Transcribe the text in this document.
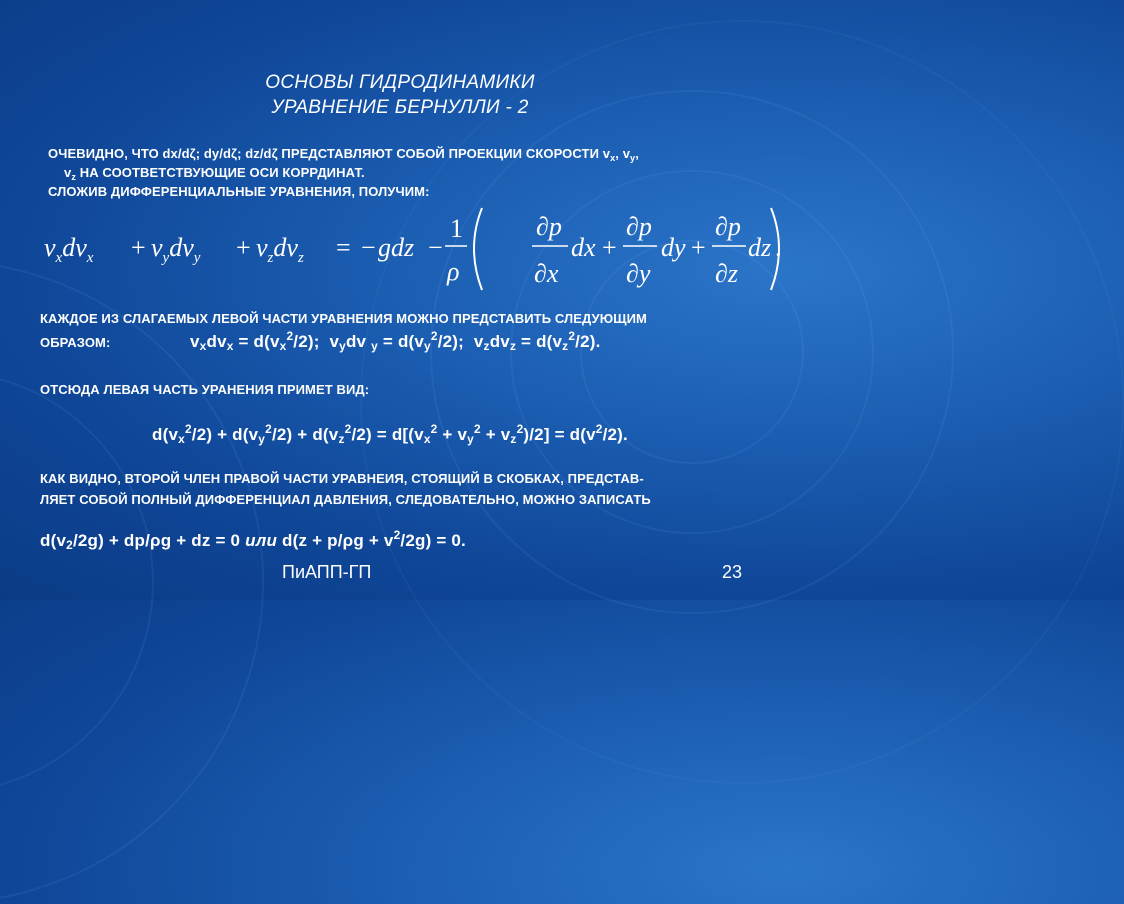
ОСНОВЫ ГИДРОДИНАМИКИ
УРАВНЕНИЕ БЕРНУЛЛИ - 2
ОЧЕВИДНО, ЧТО dx/dζ; dy/dζ; dz/dζ ПРЕДСТАВЛЯЮТ СОБОЙ ПРОЕКЦИИ СКОРОСТИ $v_x$, $v_y$,
$v_z$ НА СООТВЕТСТВУЮЩИЕ ОСИ КОРРДИНАТ.
СЛОЖИВ ДИФФЕРЕНЦИАЛЬНЫЕ УРАВНЕНИЯ, ПОЛУЧИМ:
$v_xdv_x + v_ydv_y + v_zdv_z$ = − gdz −
1
ρ
∂p
∂x
dx +
∂p
∂y
dy +
∂p
∂z
dz .
КАЖДОЕ ИЗ СЛАГАЕМЫХ ЛЕВОЙ ЧАСТИ УРАВНЕНИЯ МОЖНО ПРЕДСТАВИТЬ СЛЕДУЮЩИМ
ОБРАЗОМ:	$v_xdv_x = d(v_x^2/2)$;  $v_ydv$ $_y = d(v_y^2/2)$;  $v_zdv_z = d(v_z^2/2)$.
ОТСЮДА ЛЕВАЯ ЧАСТЬ УРАНЕНИЯ ПРИМЕТ ВИД:
$d(v_x^2/2) + d(v_y^2/2) + d(v_z^2/2) = d[(v_x^2 + v_y^2 + v_z^2)/2] = d(v^2/2)$.
КАК ВИДНО, ВТОРОЙ ЧЛЕН ПРАВОЙ ЧАСТИ УРАВНЕИЯ, СТОЯЩИЙ В СКОБКАХ, ПРЕДСТАВ-
ЛЯЕТ СОБОЙ ПОЛНЫЙ ДИФФЕРЕНЦИАЛ ДАВЛЕНИЯ, СЛЕДОВАТЕЛЬНО, МОЖНО ЗАПИСАТЬ
$d(v_2/2g) + dp/\rho g$ + dz = 0 или $d(z + p/\rho g + v^2/2g) = 0$.
ПиАПП-ГП	23
